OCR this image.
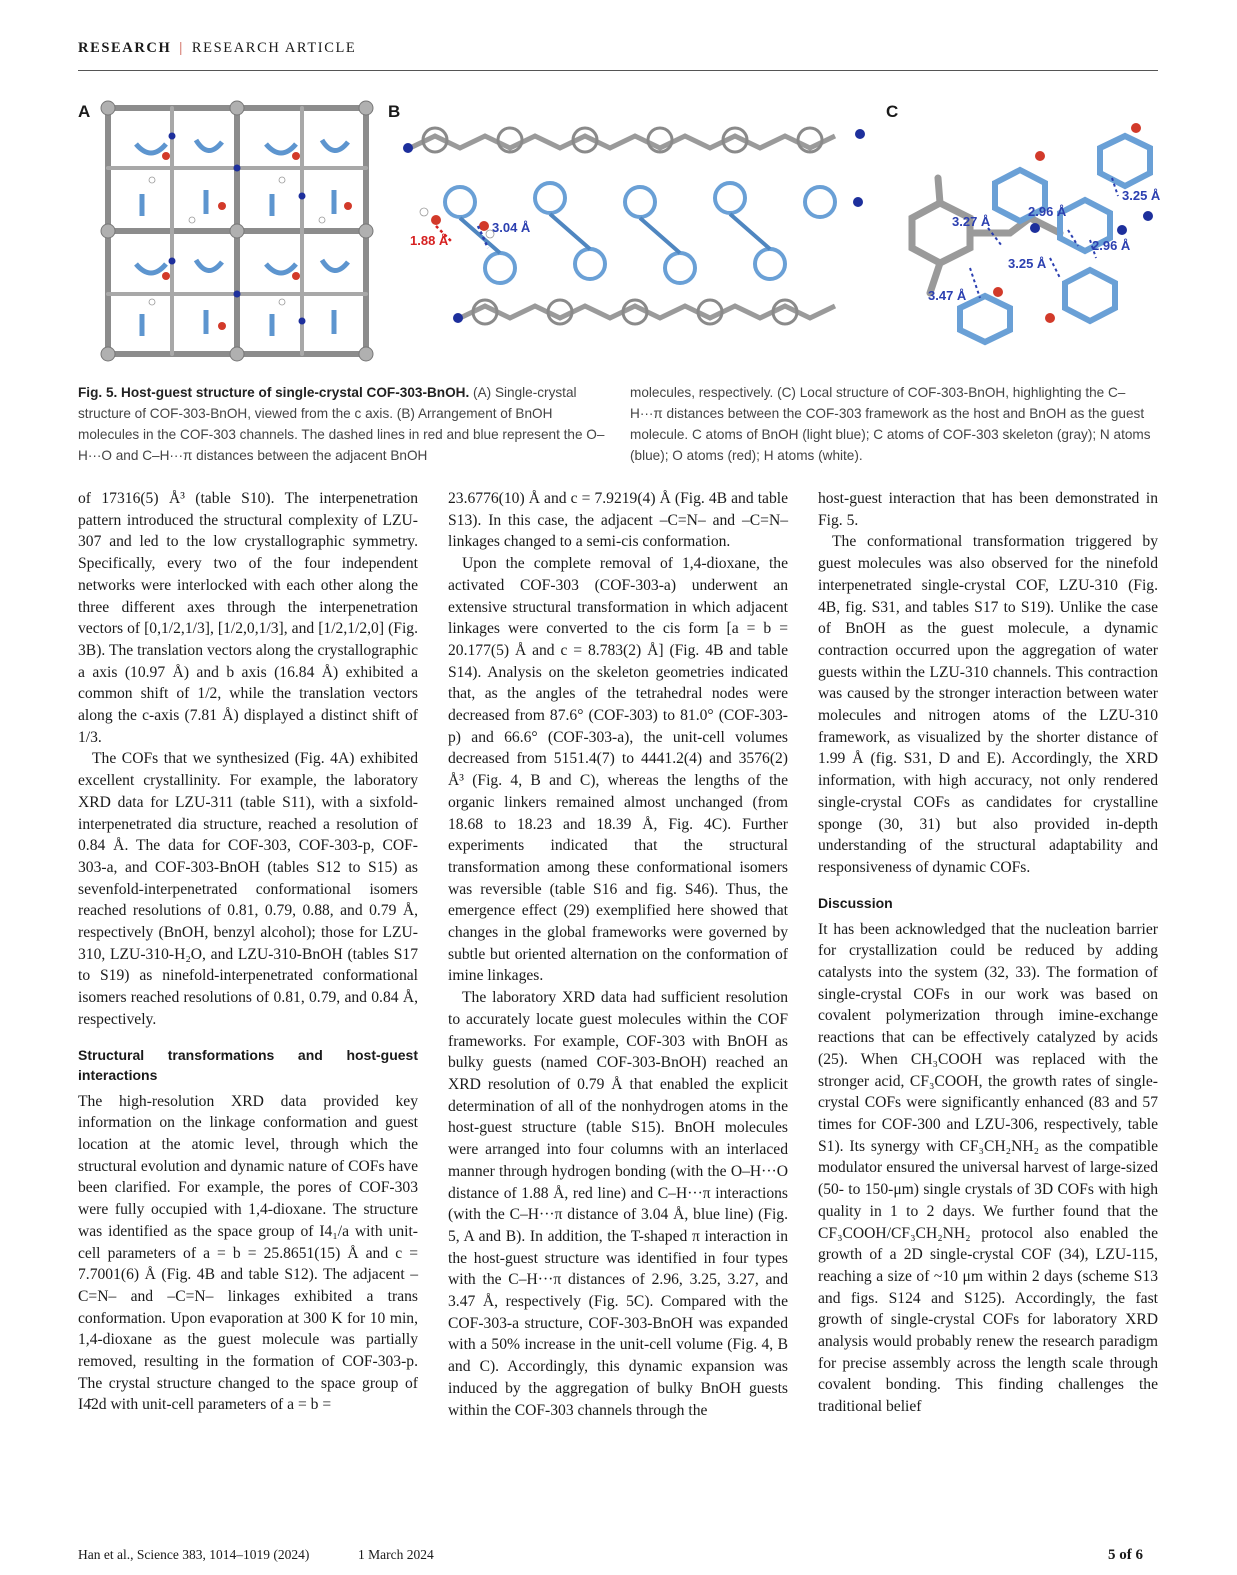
RESEARCH | RESEARCH ARTICLE
A	B	C
1.88 Å
3.04 Å	3.27 Å
2.96 Å
3.25 Å
2.96 Å
3.25 Å
3.47 Å
Fig. 5. Host-guest structure of single-crystal COF-303-BnOH. (A) Single-crystal structure of COF-303-BnOH, viewed from the c axis. (B) Arrangement of BnOH molecules in the COF-303 channels. The dashed lines in red and blue represent the O–H···O and C–H···π distances between the adjacent BnOH
molecules, respectively. (C) Local structure of COF-303-BnOH, highlighting the C–H···π distances between the COF-303 framework as the host and BnOH as the guest molecule. C atoms of BnOH (light blue); C atoms of COF-303 skeleton (gray); N atoms (blue); O atoms (red); H atoms (white).

of 17316(5) Å³ (table S10). The interpenetration pattern introduced the structural complexity of LZU-307 and led to the low crystallographic symmetry. Specifically, every two of the four independent networks were interlocked with each other along the three different axes through the interpenetration vectors of [0,1/2,1/3], [1/2,0,1/3], and [1/2,1/2,0] (Fig. 3B). The translation vectors along the crystallographic a axis (10.97 Å) and b axis (16.84 Å) exhibited a common shift of 1/2, while the translation vectors along the c-axis (7.81 Å) displayed a distinct shift of 1/3.

The COFs that we synthesized (Fig. 4A) exhibited excellent crystallinity. For example, the laboratory XRD data for LZU-311 (table S11), with a sixfold-interpenetrated dia structure, reached a resolution of 0.84 Å. The data for COF-303, COF-303-p, COF-303-a, and COF-303-BnOH (tables S12 to S15) as sevenfold-interpenetrated conformational isomers reached resolutions of 0.81, 0.79, 0.88, and 0.79 Å, respectively (BnOH, benzyl alcohol); those for LZU-310, LZU-310-H₂O, and LZU-310-BnOH (tables S17 to S19) as ninefold-interpenetrated conformational isomers reached resolutions of 0.81, 0.79, and 0.84 Å, respectively.

Structural transformations and host-guest interactions

The high-resolution XRD data provided key information on the linkage conformation and guest location at the atomic level, through which the structural evolution and dynamic nature of COFs have been clarified. For example, the pores of COF-303 were fully occupied with 1,4-dioxane. The structure was identified as the space group of I4₁/a with unit-cell parameters of a = b = 25.8651(15) Å and c = 7.7001(6) Å (Fig. 4B and table S12). The adjacent –C=N– and –C=N– linkages exhibited a trans conformation. Upon evaporation at 300 K for 10 min, 1,4-dioxane as the guest molecule was partially removed, resulting in the formation of COF-303-p. The crystal structure changed to the space group of I4̄2d with unit-cell parameters of a = b =

23.6776(10) Å and c = 7.9219(4) Å (Fig. 4B and table S13). In this case, the adjacent –C=N– and –C=N– linkages changed to a semi-cis conformation.

Upon the complete removal of 1,4-dioxane, the activated COF-303 (COF-303-a) underwent an extensive structural transformation in which adjacent linkages were converted to the cis form [a = b = 20.177(5) Å and c = 8.783(2) Å] (Fig. 4B and table S14). Analysis on the skeleton geometries indicated that, as the angles of the tetrahedral nodes were decreased from 87.6° (COF-303) to 81.0° (COF-303-p) and 66.6° (COF-303-a), the unit-cell volumes decreased from 5151.4(7) to 4441.2(4) and 3576(2) Å³ (Fig. 4, B and C), whereas the lengths of the organic linkers remained almost unchanged (from 18.68 to 18.23 and 18.39 Å, Fig. 4C). Further experiments indicated that the structural transformation among these conformational isomers was reversible (table S16 and fig. S46). Thus, the emergence effect (29) exemplified here showed that changes in the global frameworks were governed by subtle but oriented alternation on the conformation of imine linkages.

The laboratory XRD data had sufficient resolution to accurately locate guest molecules within the COF frameworks. For example, COF-303 with BnOH as bulky guests (named COF-303-BnOH) reached an XRD resolution of 0.79 Å that enabled the explicit determination of all of the nonhydrogen atoms in the host-guest structure (table S15). BnOH molecules were arranged into four columns with an interlaced manner through hydrogen bonding (with the O–H···O distance of 1.88 Å, red line) and C–H···π interactions (with the C–H···π distance of 3.04 Å, blue line) (Fig. 5, A and B). In addition, the T-shaped π interaction in the host-guest structure was identified in four types with the C–H···π distances of 2.96, 3.25, 3.27, and 3.47 Å, respectively (Fig. 5C). Compared with the COF-303-a structure, COF-303-BnOH was expanded with a 50% increase in the unit-cell volume (Fig. 4, B and C). Accordingly, this dynamic expansion was induced by the aggregation of bulky BnOH guests within the COF-303 channels through the

host-guest interaction that has been demonstrated in Fig. 5.

The conformational transformation triggered by guest molecules was also observed for the ninefold interpenetrated single-crystal COF, LZU-310 (Fig. 4B, fig. S31, and tables S17 to S19). Unlike the case of BnOH as the guest molecule, a dynamic contraction occurred upon the aggregation of water guests within the LZU-310 channels. This contraction was caused by the stronger interaction between water molecules and nitrogen atoms of the LZU-310 framework, as visualized by the shorter distance of 1.99 Å (fig. S31, D and E). Accordingly, the XRD information, with high accuracy, not only rendered single-crystal COFs as candidates for crystalline sponge (30, 31) but also provided in-depth understanding of the structural adaptability and responsiveness of dynamic COFs.

Discussion

It has been acknowledged that the nucleation barrier for crystallization could be reduced by adding catalysts into the system (32, 33). The formation of single-crystal COFs in our work was based on covalent polymerization through imine-exchange reactions that can be effectively catalyzed by acids (25). When CH₃COOH was replaced with the stronger acid, CF₃COOH, the growth rates of single-crystal COFs were significantly enhanced (83 and 57 times for COF-300 and LZU-306, respectively, table S1). Its synergy with CF₃CH₂NH₂ as the compatible modulator ensured the universal harvest of large-sized (50- to 150-μm) single crystals of 3D COFs with high quality in 1 to 2 days. We further found that the CF₃COOH/CF₃CH₂NH₂ protocol also enabled the growth of a 2D single-crystal COF (34), LZU-115, reaching a size of ~10 μm within 2 days (scheme S13 and figs. S124 and S125). Accordingly, the fast growth of single-crystal COFs for laboratory XRD analysis would probably renew the research paradigm for precise assembly across the length scale through covalent bonding. This finding challenges the traditional belief

Han et al., Science 383, 1014–1019 (2024)	1 March 2024	5 of 6
